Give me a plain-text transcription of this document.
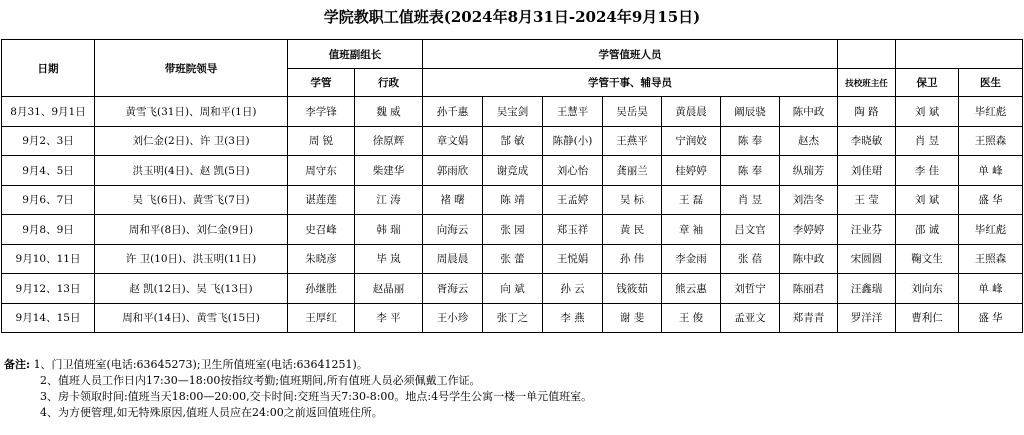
学院教职工值班表(2024年8月31日-2024年9月15日)
日期	带班院领导	值班副组长		学管值班人员									
		学管	行政	学管干事、辅导员							技校班主任	保卫	医生
8月31、9月1日	黄雪飞(31日)、周和平(1日)	李学锋	魏 威	孙千惠	吴宝剑	王慧平	吴岳昊	黄晨晨	阚辰骁	陈中政	陶 路	刘 斌	毕红彪
9月2、3日	刘仁金(2日)、许 卫(3日)	周 锐	徐原辉	章文娟	郜 敏	陈静(小)	王燕平	宁润姣	陈 奉	赵杰	李晓敏	肖 昱	王照森
9月4、5日	洪玉明(4日)、赵 凯(5日)	周守东	柴建华	郭雨欣	谢竞成	刘心怡	龚丽兰	桂婷婷	陈 奉	纵瑞芳	刘佳珺	李 佳	单 峰
9月6、7日	吴 飞(6日)、黄雪飞(7日)	谌莲莲	江 涛	褚 曙	陈 靖	王孟婷	吴 标	王 磊	肖 昱	刘浩冬	王 莹	刘 斌	盛 华
9月8、9日	周和平(8日)、刘仁金(9日)	史召峰	韩 瑞	向海云	张 园	郑玉祥	黄 民	章 袖	吕文官	李婷婷	汪业芬	邵 诚	毕红彪
9月10、11日	许 卫(10日)、洪玉明(11日)	朱晓彦	毕 岚	周晨晨	张 蕾	王悦娟	孙 伟	李金雨	张 蓓	陈中政	宋圆圆	鞠文生	王照森
9月12、13日	赵 凯(12日)、吴 飞(13日)	孙继胜	赵晶丽	胥海云	向 斌	孙 云	钱筱茹	熊云惠	刘哲宁	陈丽君	汪鑫瑞	刘向东	单 峰
9月14、15日	周和平(14日)、黄雪飞(15日)	王厚红	李 平	王小珍	张丁之	李 燕	谢 斐	王 俊	孟亚文	郑青青	罗洋洋	曹利仁	盛 华
备注: 1、门卫值班室(电话:63645273);卫生所值班室(电话:63641251)。
2、值班人员工作日内17:30—18:00按指纹考勤;值班期间,所有值班人员必须佩戴工作证。
3、房卡领取时间:值班当天18:00—20:00,交卡时间:交班当天7:30-8:00。地点:4号学生公寓一楼一单元值班室。
4、为方便管理,如无特殊原因,值班人员应在24:00之前返回值班住所。
